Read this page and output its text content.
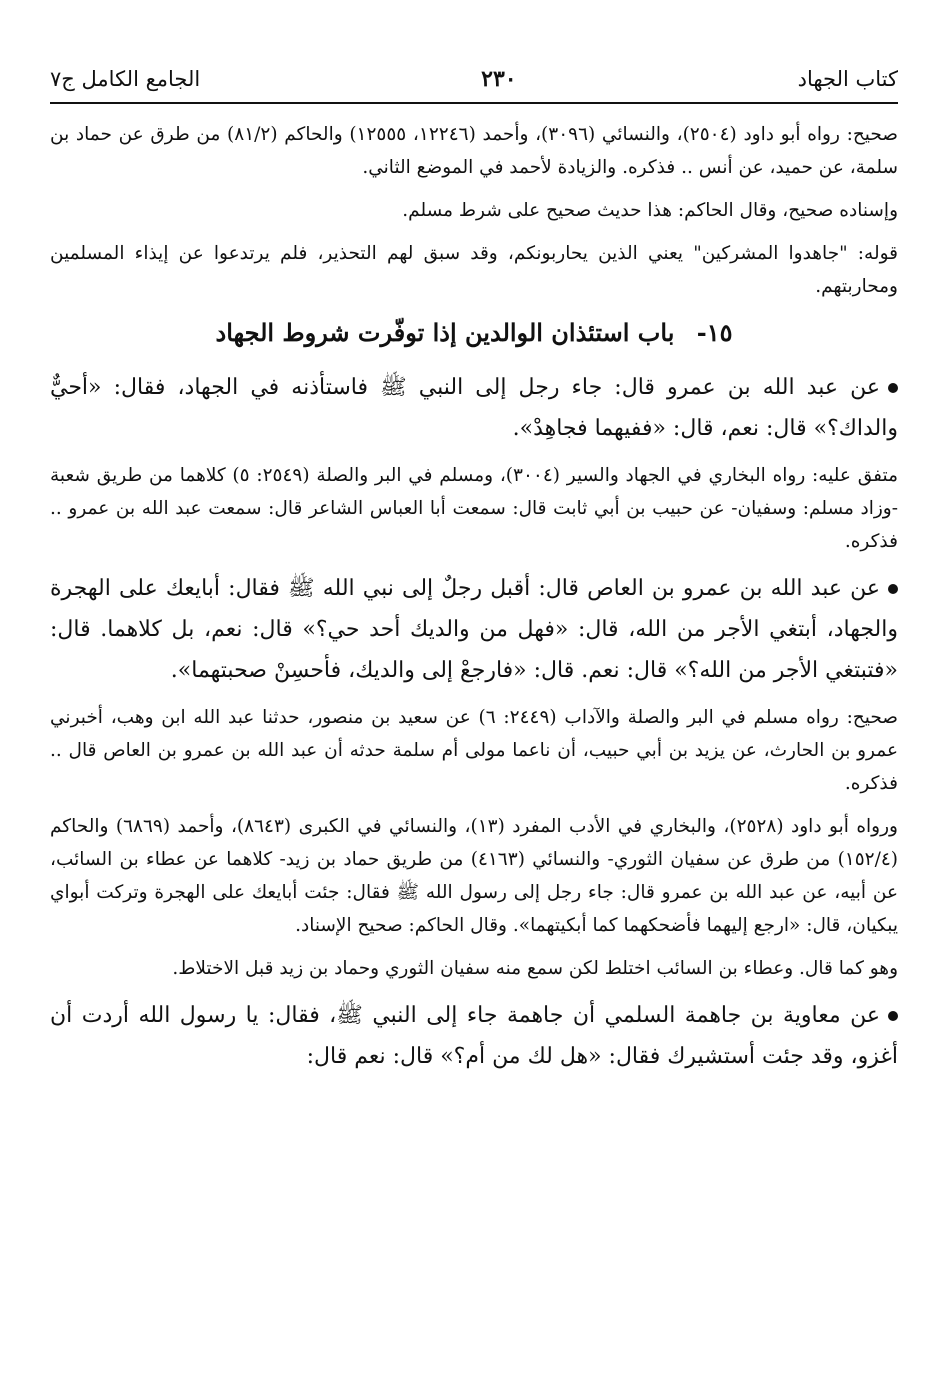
كتاب الجهاد
٢٣٠
الجامع الكامل ج٧

صحيح: رواه أبو داود (٢٥٠٤)، والنسائي (٣٠٩٦)، وأحمد (١٢٢٤٦، ١٢٥٥٥) والحاكم (٨١/٢) من طرق عن حماد بن سلمة، عن حميد، عن أنس .. فذكره. والزيادة لأحمد في الموضع الثاني.

وإسناده صحيح، وقال الحاكم: هذا حديث صحيح على شرط مسلم.

قوله: "جاهدوا المشركين" يعني الذين يحاربونكم، وقد سبق لهم التحذير، فلم يرتدعوا عن إيذاء المسلمين ومحاربتهم.

١٥- باب استئذان الوالدين إذا توفّرت شروط الجهاد

عن عبد الله بن عمرو قال: جاء رجل إلى النبي ﷺ فاستأذنه في الجهاد، فقال: «أحيٌّ والداك؟» قال: نعم، قال: «ففيهما فجاهِدْ».

متفق عليه: رواه البخاري في الجهاد والسير (٣٠٠٤)، ومسلم في البر والصلة (٢٥٤٩: ٥) كلاهما من طريق شعبة -وزاد مسلم: وسفيان- عن حبيب بن أبي ثابت قال: سمعت أبا العباس الشاعر قال: سمعت عبد الله بن عمرو .. فذكره.

عن عبد الله بن عمرو بن العاص قال: أقبل رجلٌ إلى نبي الله ﷺ فقال: أبايعك على الهجرة والجهاد، أبتغي الأجر من الله، قال: «فهل من والديك أحد حي؟» قال: نعم، بل كلاهما. قال: «فتبتغي الأجر من الله؟» قال: نعم. قال: «فارجعْ إلى والديك، فأحسِنْ صحبتهما».

صحيح: رواه مسلم في البر والصلة والآداب (٢٤٤٩: ٦) عن سعيد بن منصور، حدثنا عبد الله ابن وهب، أخبرني عمرو بن الحارث، عن يزيد بن أبي حبيب، أن ناعما مولى أم سلمة حدثه أن عبد الله بن عمرو بن العاص قال .. فذكره.

ورواه أبو داود (٢٥٢٨)، والبخاري في الأدب المفرد (١٣)، والنسائي في الكبرى (٨٦٤٣)، وأحمد (٦٨٦٩) والحاكم (١٥٢/٤) من طرق عن سفيان الثوري- والنسائي (٤١٦٣) من طريق حماد بن زيد- كلاهما عن عطاء بن السائب، عن أبيه، عن عبد الله بن عمرو قال: جاء رجل إلى رسول الله ﷺ فقال: جئت أبايعك على الهجرة وتركت أبواي يبكيان، قال: «ارجع إليهما فأضحكهما كما أبكيتهما». وقال الحاكم: صحيح الإسناد.

وهو كما قال. وعطاء بن السائب اختلط لكن سمع منه سفيان الثوري وحماد بن زيد قبل الاختلاط.

عن معاوية بن جاهمة السلمي أن جاهمة جاء إلى النبي ﷺ، فقال: يا رسول الله أردت أن أغزو، وقد جئت أستشيرك فقال: «هل لك من أم؟» قال: نعم قال:
